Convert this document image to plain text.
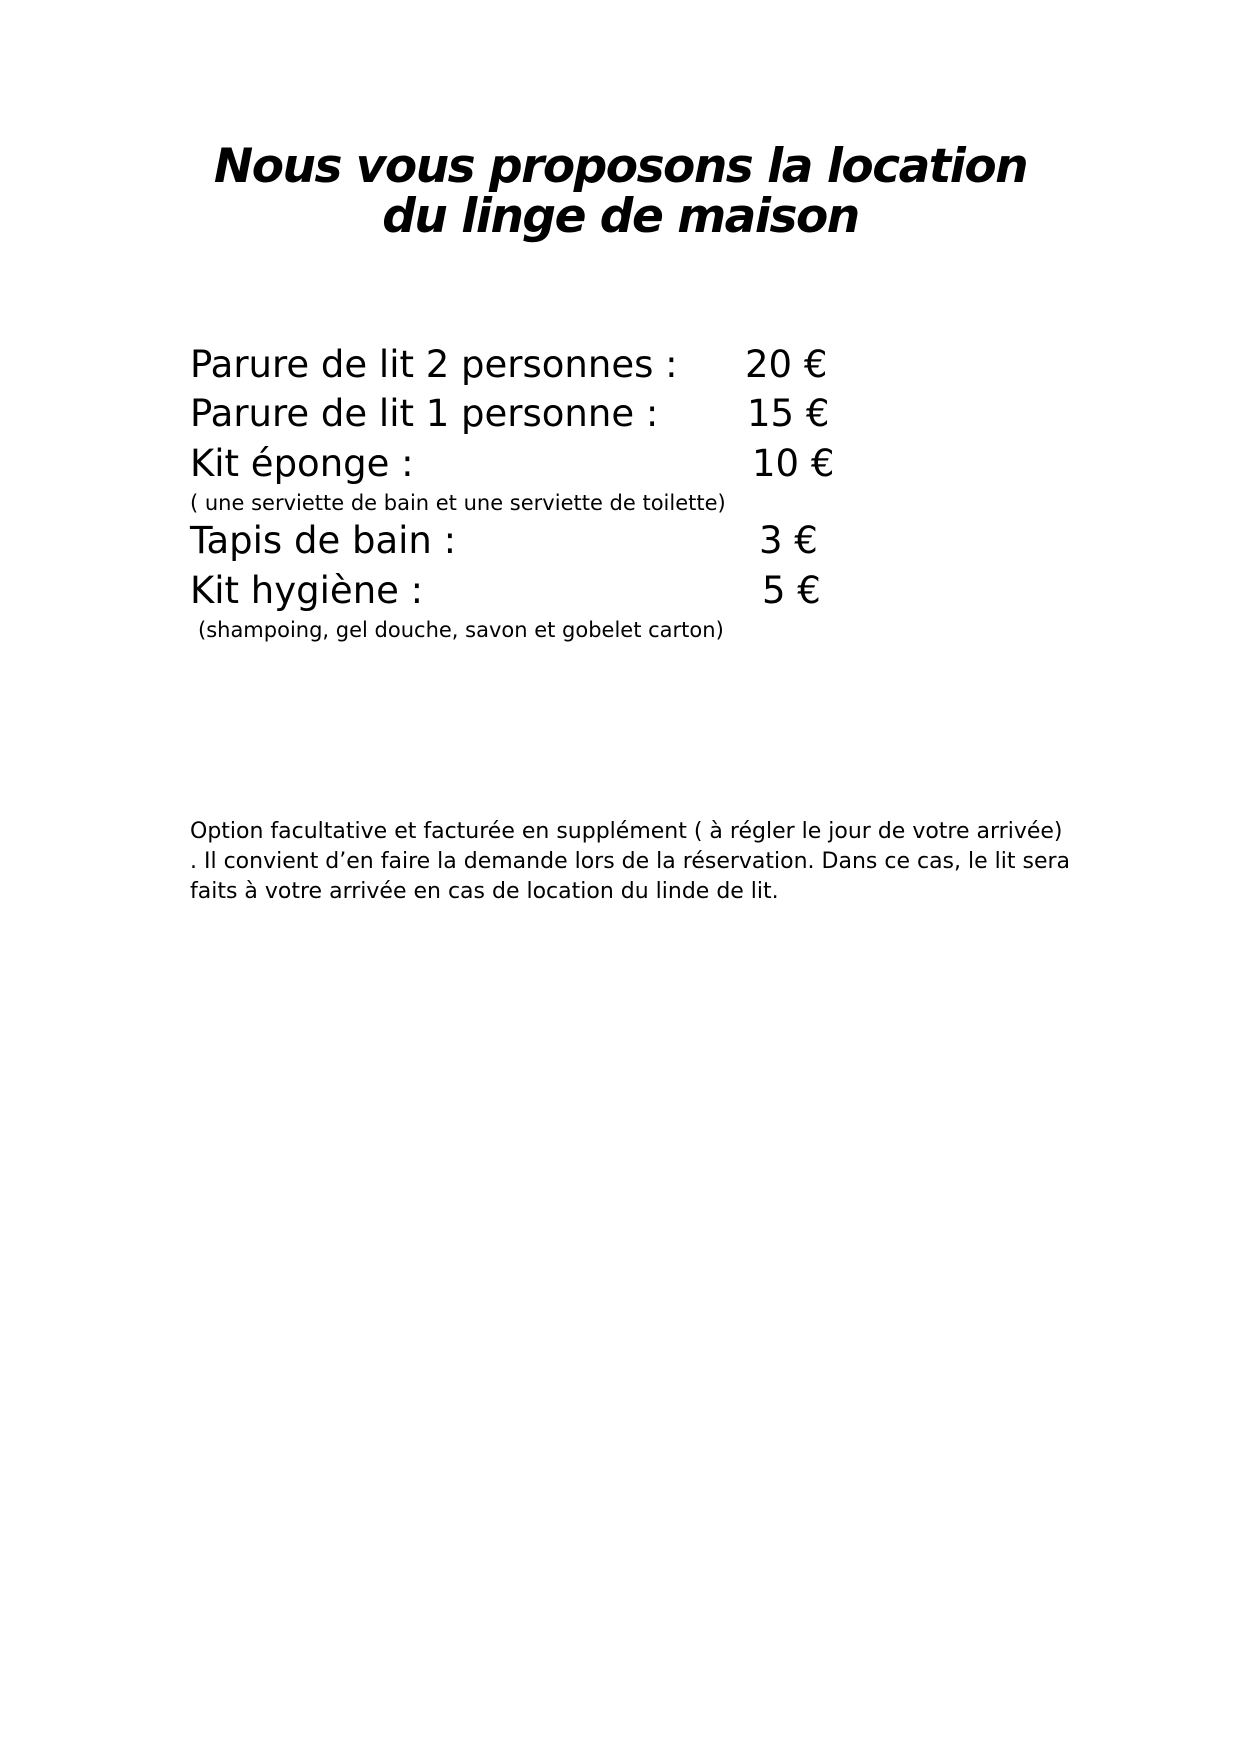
Nous vous proposons la location
du linge de maison
Parure de lit 2 personnes : 20 €
Parure de lit 1 personne : 15 €
Kit éponge :	10 €
( une serviette de bain et une serviette de toilette)
Tapis de bain :	3 €
Kit hygiène :	5 €
(shampoing, gel douche, savon et gobelet carton)

Option facultative et facturée en supplément ( à régler le jour de votre arrivée) . Il convient d’en faire la demande lors de la réservation. Dans ce cas, le lit sera faits à votre arrivée en cas de location du linde de lit.
